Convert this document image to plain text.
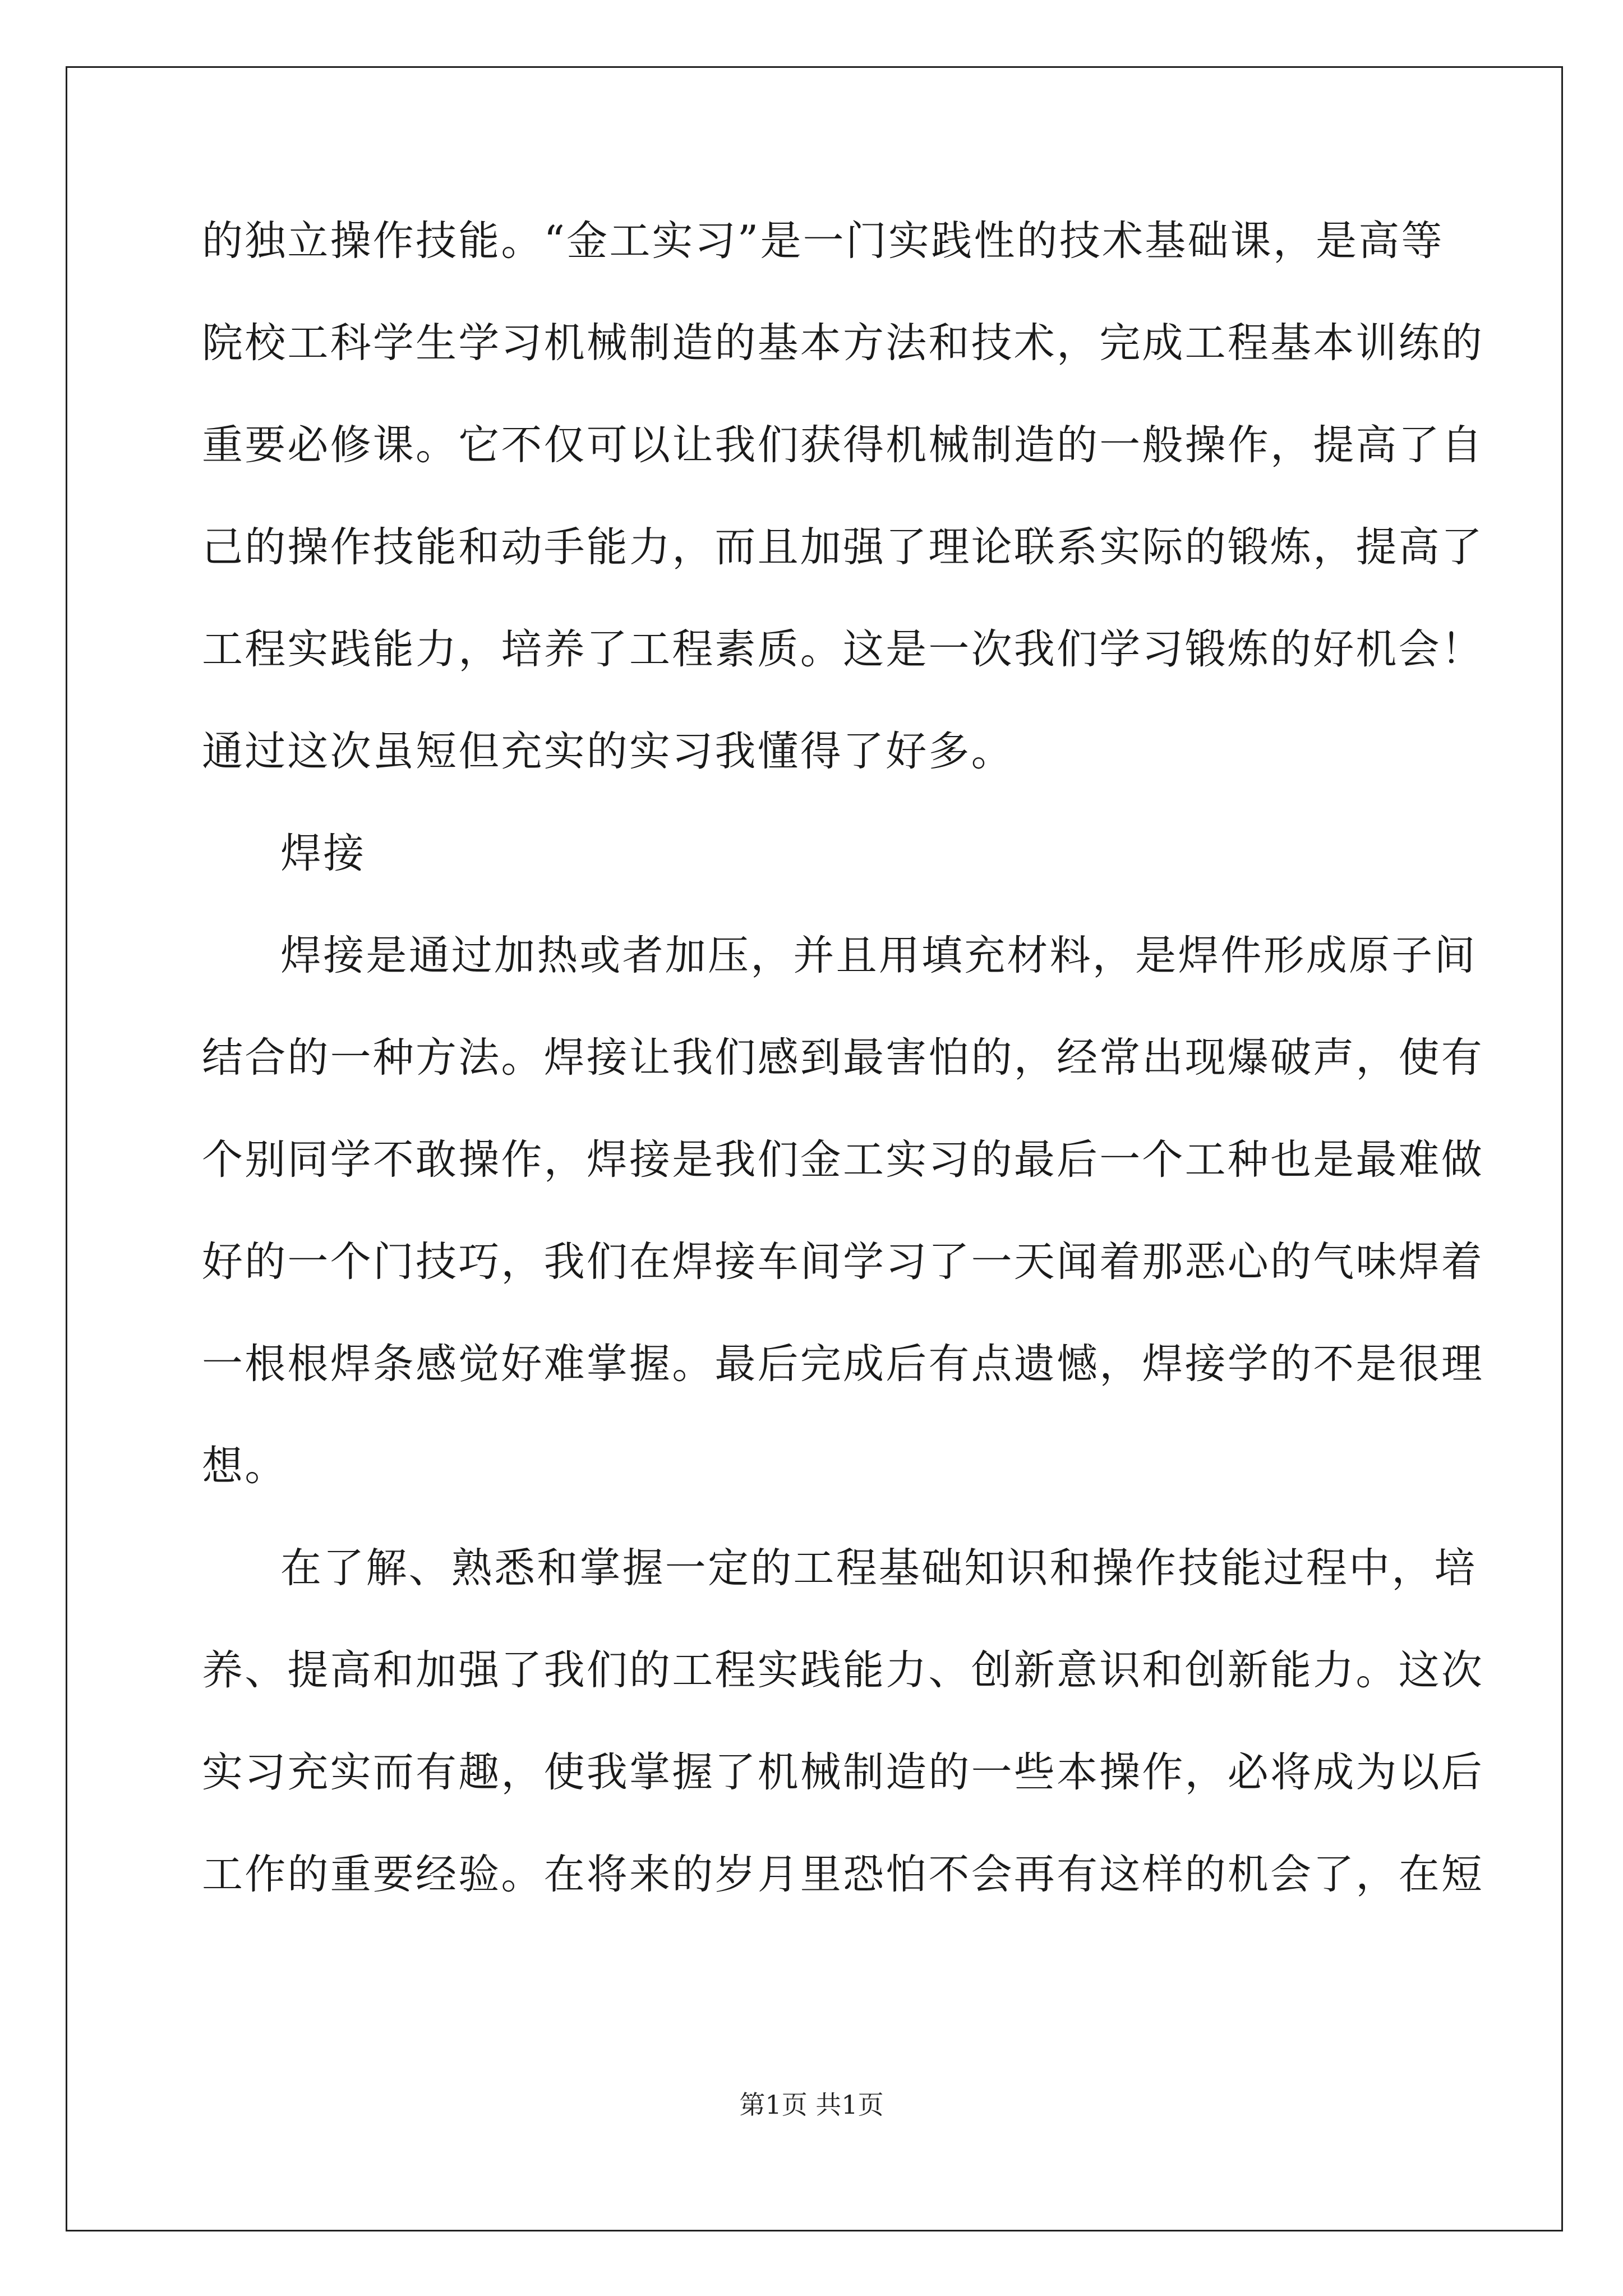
的独立操作技能。“金工实习”是一门实践性的技术基础课，是高等
院校工科学生学习机械制造的基本方法和技术，完成工程基本训练的
重要必修课。它不仅可以让我们获得机械制造的一般操作，提高了自
己的操作技能和动手能力，而且加强了理论联系实际的锻炼，提高了
工程实践能力，培养了工程素质。这是一次我们学习锻炼的好机会！
通过这次虽短但充实的实习我懂得了好多。
焊接
焊接是通过加热或者加压，并且用填充材料，是焊件形成原子间
结合的一种方法。焊接让我们感到最害怕的，经常出现爆破声，使有
个别同学不敢操作，焊接是我们金工实习的最后一个工种也是最难做
好的一个门技巧，我们在焊接车间学习了一天闻着那恶心的气味焊着
一根根焊条感觉好难掌握。最后完成后有点遗憾，焊接学的不是很理
想。
在了解、熟悉和掌握一定的工程基础知识和操作技能过程中，培
养、提高和加强了我们的工程实践能力、创新意识和创新能力。这次
实习充实而有趣，使我掌握了机械制造的一些本操作，必将成为以后
工作的重要经验。在将来的岁月里恐怕不会再有这样的机会了，在短
第1页 共1页
